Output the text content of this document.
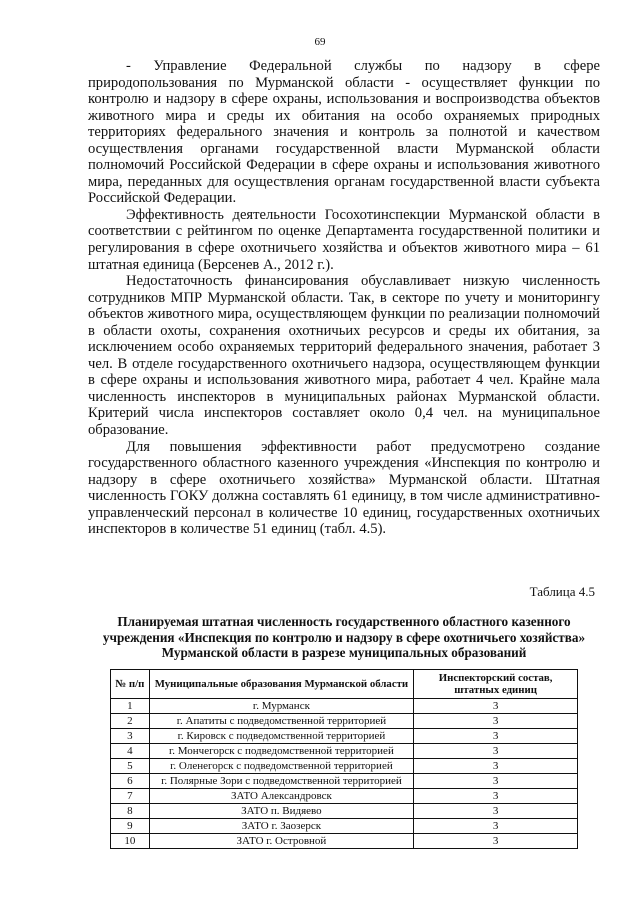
69

- Управление Федеральной службы по надзору в сфере природопользования по Мурманской области - осуществляет функции по контролю и надзору в сфере охраны, использования и воспроизводства объектов животного мира и среды их обитания на особо охраняемых природных территориях федерального значения и контроль за полнотой и качеством осуществления органами государственной власти Мурманской области полномочий Российской Федерации в сфере охраны и использования животного мира, переданных для осуществления органам государственной власти субъекта Российской Федерации.

Эффективность деятельности Госохотинспекции Мурманской области в соответствии с рейтингом по оценке Департамента государственной политики и регулирования в сфере охотничьего хозяйства и объектов животного мира – 61 штатная единица (Берсенев А., 2012 г.).

Недостаточность финансирования обуславливает низкую численность сотрудников МПР Мурманской области. Так, в секторе по учету и мониторингу объектов животного мира, осуществляющем функции по реализации полномочий в области охоты, сохранения охотничьих ресурсов и среды их обитания, за исключением особо охраняемых территорий федерального значения, работает 3 чел. В отделе государственного охотничьего надзора, осуществляющем функции в сфере охраны и использования животного мира, работает 4 чел. Крайне мала численность инспекторов в муниципальных районах Мурманской области. Критерий числа инспекторов составляет около 0,4 чел. на муниципальное образование.

Для повышения эффективности работ предусмотрено создание государственного областного казенного учреждения «Инспекция по контролю и надзору в сфере охотничьего хозяйства» Мурманской области. Штатная численность ГОКУ должна составлять 61 единицу, в том числе административно-управленческий персонал в количестве 10 единиц, государственных охотничьих инспекторов в количестве 51 единиц (табл. 4.5).

Таблица 4.5
Планируемая штатная численность государственного областного казенного учреждения «Инспекция по контролю и надзору в сфере охотничьего хозяйства» Мурманской области в разрезе муниципальных образований
№ п/п	Муниципальные образования Мурманской области	Инспекторский состав, штатных единиц
1	г. Мурманск	3
2	г. Апатиты с подведомственной территорией	3
3	г. Кировск с подведомственной территорией	3
4	г. Мончегорск с подведомственной территорией	3
5	г. Оленегорск с подведомственной территорией	3
6	г. Полярные Зори с подведомственной территорией	3
7	ЗАТО Александровск	3
8	ЗАТО п. Видяево	3
9	ЗАТО г. Заозерск	3
10	ЗАТО г. Островной	3
